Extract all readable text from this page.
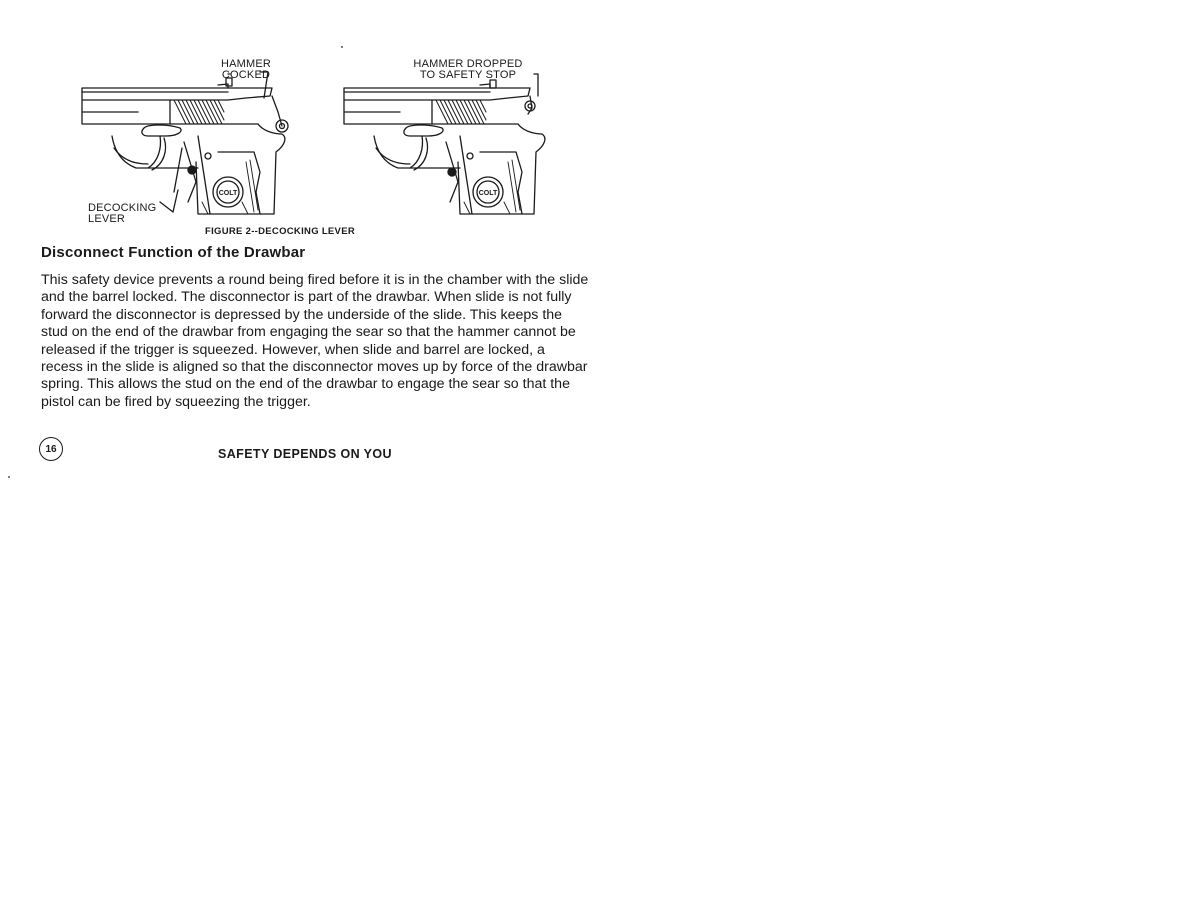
COLT	COLT
HAMMER
COCKED
HAMMER DROPPED
TO SAFETY STOP
DECOCKING
LEVER
FIGURE 2--DECOCKING LEVER
Disconnect Function of the Drawbar

This safety device prevents a round being fired before it is in the chamber with the slide and the barrel locked. The disconnector is part of the drawbar. When slide is not fully forward the disconnector is depressed by the underside of the slide. This keeps the stud on the end of the drawbar from engaging the sear so that the hammer cannot be released if the trigger is squeezed. However, when slide and barrel are locked, a recess in the slide is aligned so that the disconnector moves up by force of the drawbar spring. This allows the stud on the end of the drawbar to engage the sear so that the pistol can be fired by squeezing the trigger.

16	SAFETY DEPENDS ON YOU
